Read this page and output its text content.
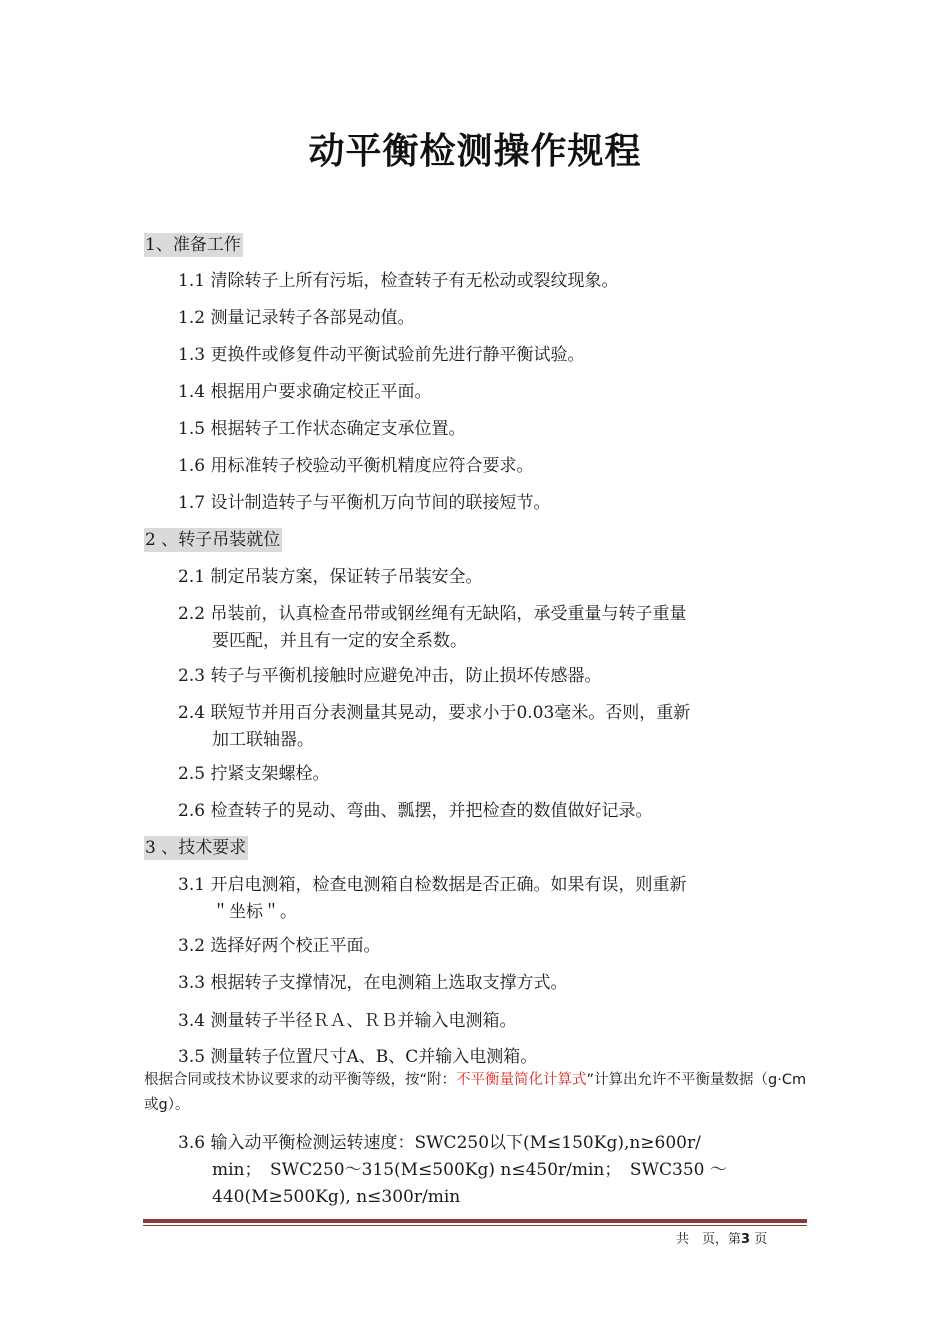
动平衡检测操作规程
1、准备工作
1.1 清除转子上所有污垢，检查转子有无松动或裂纹现象。
1.2 测量记录转子各部晃动值。
1.3 更换件或修复件动平衡试验前先进行静平衡试验。
1.4 根据用户要求确定校正平面。
1.5 根据转子工作状态确定支承位置。
1.6 用标准转子校验动平衡机精度应符合要求。
1.7 设计制造转子与平衡机万向节间的联接短节。
2 、转子吊装就位
2.1 制定吊装方案，保证转子吊装安全。
2.2 吊装前，认真检查吊带或钢丝绳有无缺陷，承受重量与转子重量
要匹配，并且有一定的安全系数。
2.3 转子与平衡机接触时应避免冲击，防止损坏传感器。
2.4 联短节并用百分表测量其晃动，要求小于0.03毫米。否则，重新
加工联轴器。
2.5 拧紧支架螺栓。
2.6 检查转子的晃动、弯曲、瓢摆，并把检查的数值做好记录。
3 、技术要求
3.1 开启电测箱，检查电测箱自检数据是否正确。如果有误，则重新
＂坐标＂。
3.2 选择好两个校正平面。
3.3 根据转子支撑情况，在电测箱上选取支撑方式。
3.4 测量转子半径ＲＡ、ＲＢ并输入电测箱。
3.5 测量转子位置尺寸A、B、C并输入电测箱。
根据合同或技术协议要求的动平衡等级，按“附：不平衡量简化计算式”计算出允许不平衡量数据（g·Cm或g）。
3.6 输入动平衡检测运转速度：SWC250以下(M≤150Kg),n≥600r/
min；　SWC250～315(M≤500Kg) n≤450r/min；　SWC350 ～
440(M≥500Kg), n≤300r/min
共　页，第3 页
